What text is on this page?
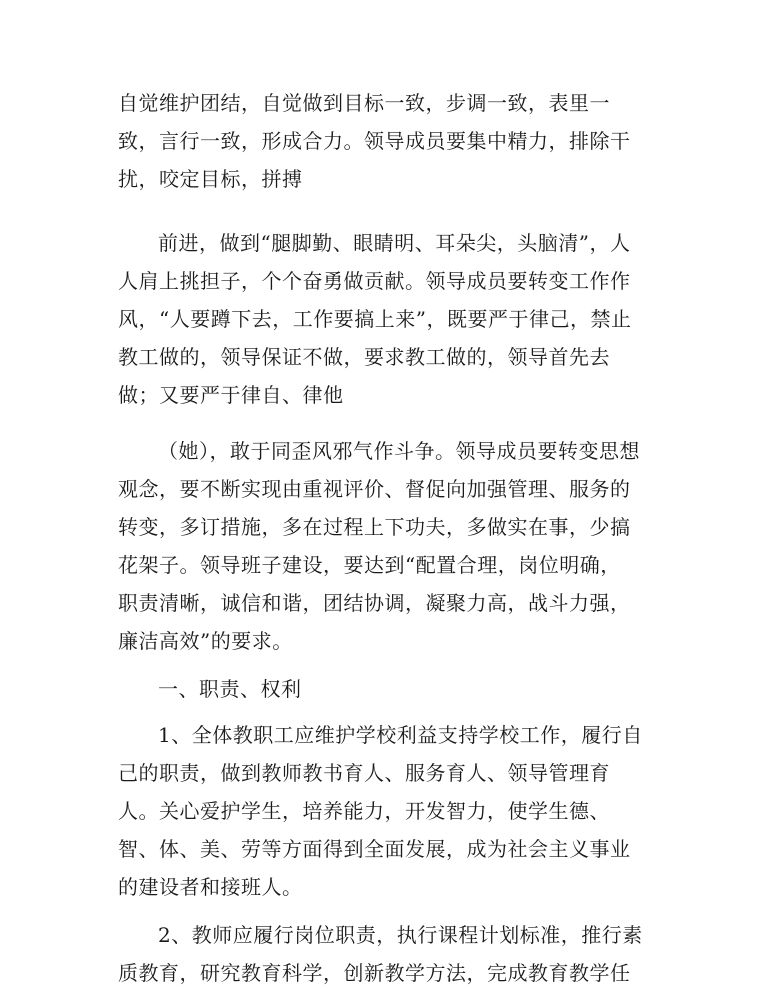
自觉维护团结，自觉做到目标一致，步调一致，表里一
致，言行一致，形成合力。领导成员要集中精力，排除干
扰，咬定目标，拼搏
前进，做到“腿脚勤、眼睛明、耳朵尖，头脑清”，人
人肩上挑担子，个个奋勇做贡献。领导成员要转变工作作
风，“人要蹲下去，工作要搞上来”，既要严于律己，禁止
教工做的，领导保证不做，要求教工做的，领导首先去
做；又要严于律自、律他
（她），敢于同歪风邪气作斗争。领导成员要转变思想
观念，要不断实现由重视评价、督促向加强管理、服务的
转变，多订措施，多在过程上下功夫，多做实在事，少搞
花架子。领导班子建设，要达到“配置合理，岗位明确，
职责清晰，诚信和谐，团结协调，凝聚力高，战斗力强，
廉洁高效”的要求。
一、职责、权利
1、全体教职工应维护学校利益支持学校工作，履行自
己的职责，做到教师教书育人、服务育人、领导管理育
人。关心爱护学生，培养能力，开发智力，使学生德、
智、体、美、劳等方面得到全面发展，成为社会主义事业
的建设者和接班人。
2、教师应履行岗位职责，执行课程计划标准，推行素
质教育，研究教育科学，创新教学方法，完成教育教学任
